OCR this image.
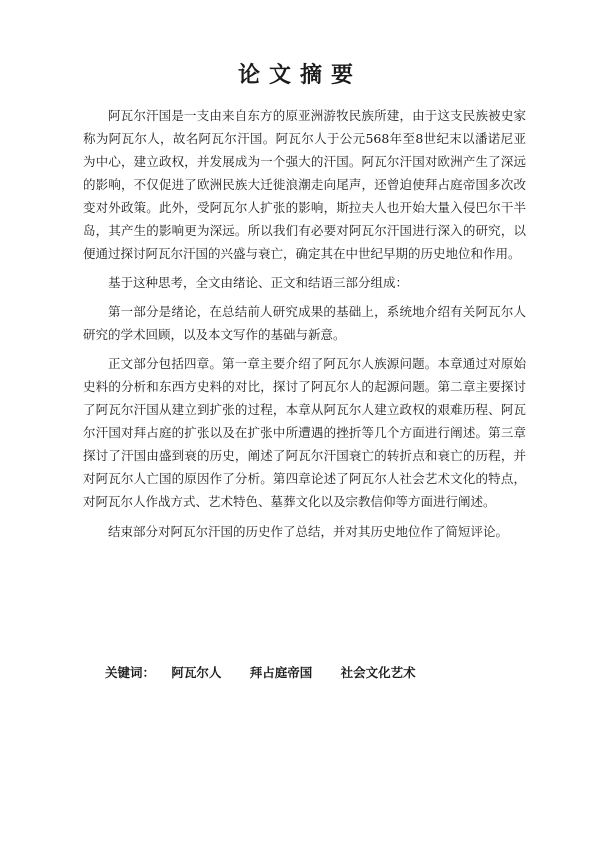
论文摘要

阿瓦尔汗国是一支由来自东方的原亚洲游牧民族所建，由于这支民族被史家称为阿瓦尔人，故名阿瓦尔汗国。阿瓦尔人于公元568年至8世纪末以潘诺尼亚为中心，建立政权，并发展成为一个强大的汗国。阿瓦尔汗国对欧洲产生了深远的影响，不仅促进了欧洲民族大迁徙浪潮走向尾声，还曾迫使拜占庭帝国多次改变对外政策。此外，受阿瓦尔人扩张的影响，斯拉夫人也开始大量入侵巴尔干半岛，其产生的影响更为深远。所以我们有必要对阿瓦尔汗国进行深入的研究，以便通过探讨阿瓦尔汗国的兴盛与衰亡，确定其在中世纪早期的历史地位和作用。

基于这种思考，全文由绪论、正文和结语三部分组成：

第一部分是绪论，在总结前人研究成果的基础上，系统地介绍有关阿瓦尔人研究的学术回顾，以及本文写作的基础与新意。

正文部分包括四章。第一章主要介绍了阿瓦尔人族源问题。本章通过对原始史料的分析和东西方史料的对比，探讨了阿瓦尔人的起源问题。第二章主要探讨了阿瓦尔汗国从建立到扩张的过程，本章从阿瓦尔人建立政权的艰难历程、阿瓦尔汗国对拜占庭的扩张以及在扩张中所遭遇的挫折等几个方面进行阐述。第三章探讨了汗国由盛到衰的历史，阐述了阿瓦尔汗国衰亡的转折点和衰亡的历程，并对阿瓦尔人亡国的原因作了分析。第四章论述了阿瓦尔人社会艺术文化的特点，对阿瓦尔人作战方式、艺术特色、墓葬文化以及宗教信仰等方面进行阐述。

结束部分对阿瓦尔汗国的历史作了总结，并对其历史地位作了简短评论。

关键词： 阿瓦尔人 拜占庭帝国 社会文化艺术
